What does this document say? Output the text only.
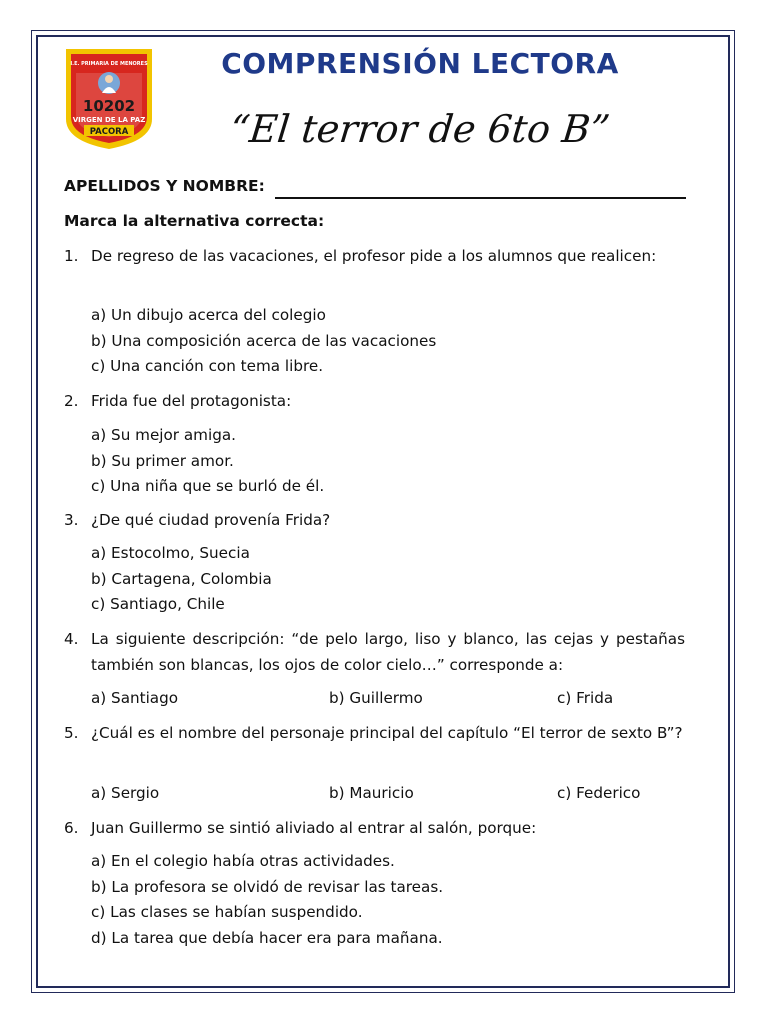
I.E. PRIMARIA DE MENORES
10202
VIRGEN DE LA PAZ
PACORA
COMPRENSIÓN LECTORA
“El terror de 6to B”
APELLIDOS Y NOMBRE:
Marca la alternativa correcta:
1. De regreso de las vacaciones, el profesor pide a los alumnos que realicen:
a) Un dibujo acerca del colegio
b) Una composición acerca de las vacaciones
c) Una canción con tema libre.
2. Frida fue del protagonista:
a) Su mejor amiga.
b) Su primer amor.
c) Una niña que se burló de él.
3. ¿De qué ciudad provenía Frida?
a) Estocolmo, Suecia
b) Cartagena, Colombia
c) Santiago, Chile
4. La siguiente descripción: “de pelo largo, liso y blanco, las cejas y pestañas también son blancas, los ojos de color cielo…” corresponde a:
a) Santiago	b) Guillermo	c) Frida
5. ¿Cuál es el nombre del personaje principal del capítulo “El terror de sexto B”?
a) Sergio	b) Mauricio	c) Federico
6. Juan Guillermo se sintió aliviado al entrar al salón, porque:
a) En el colegio había otras actividades.
b) La profesora se olvidó de revisar las tareas.
c) Las clases se habían suspendido.
d) La tarea que debía hacer era para mañana.
